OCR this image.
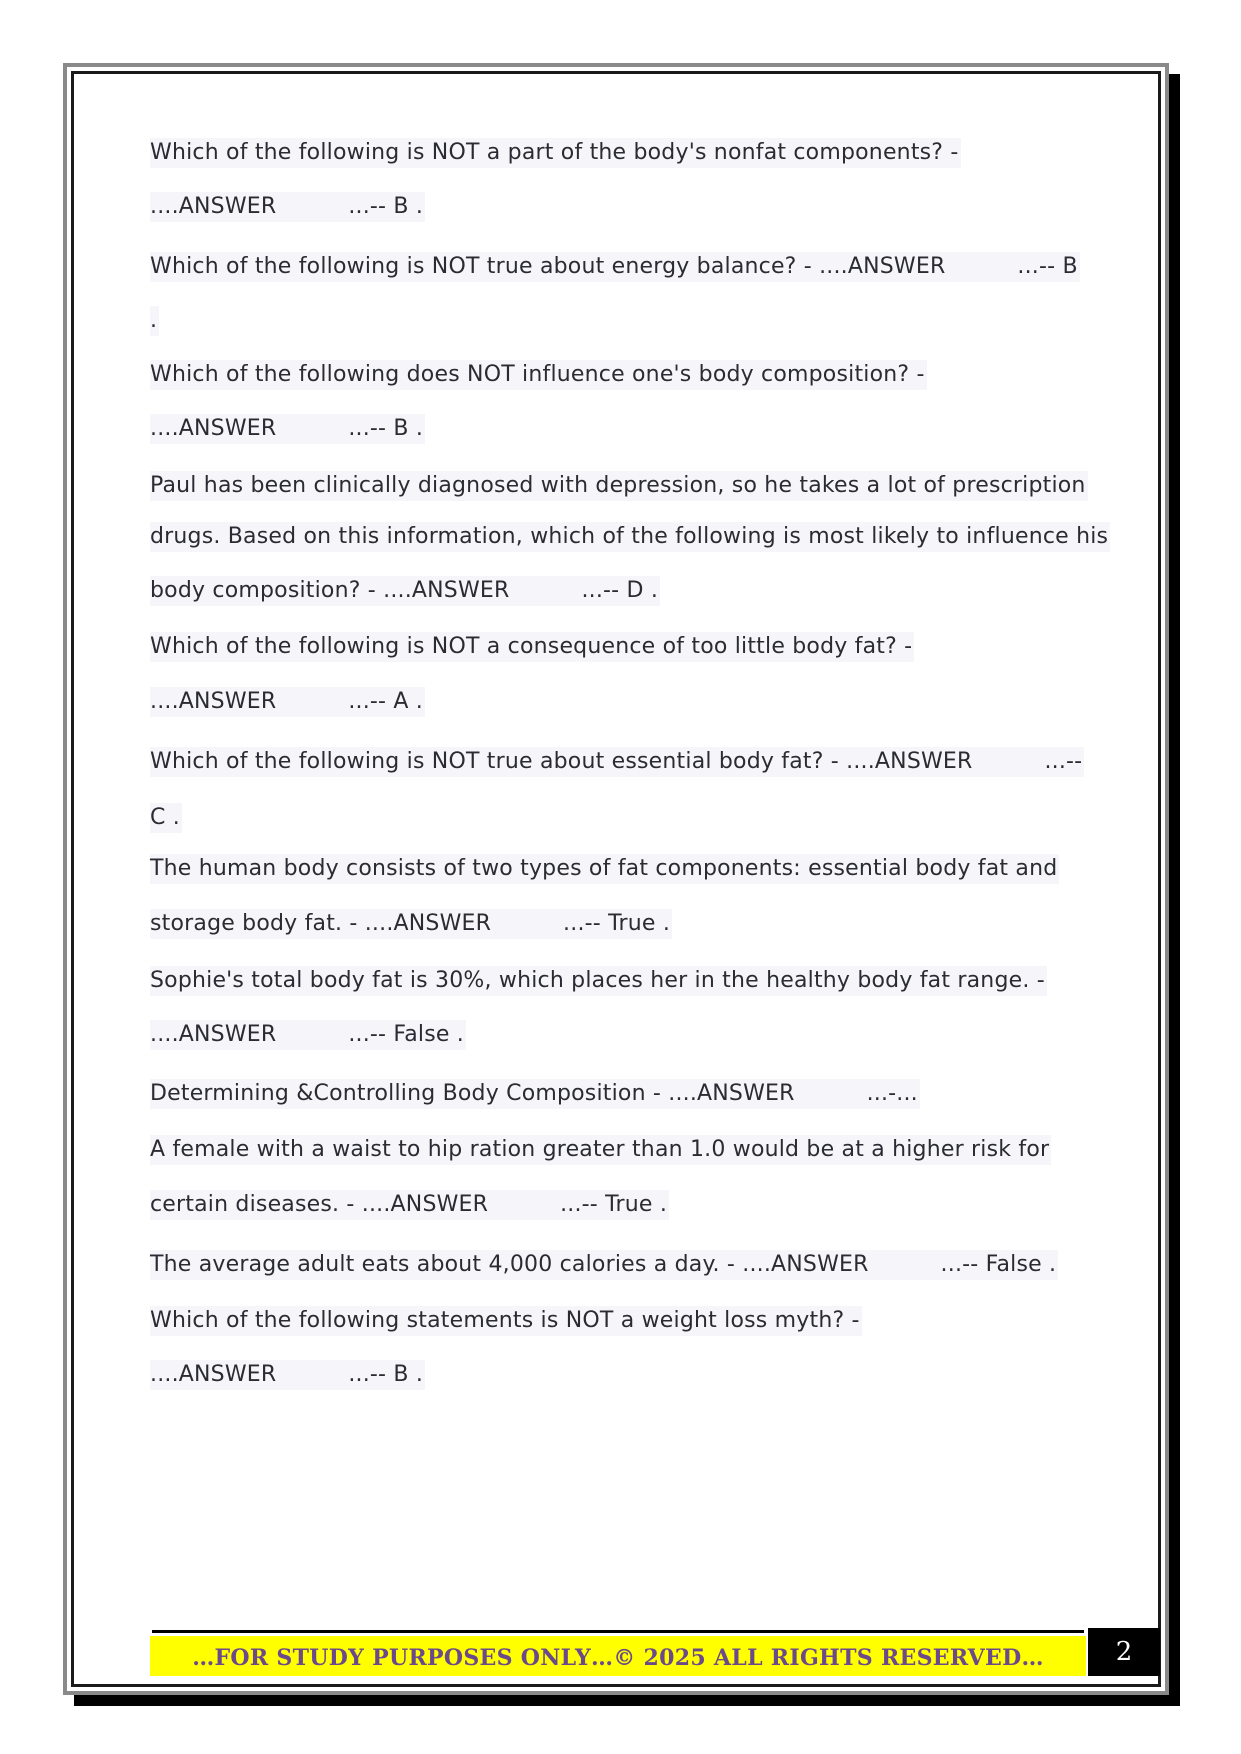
Which of the following is NOT a part of the body's nonfat components? -
....ANSWER          ...-- B .
Which of the following is NOT true about energy balance? - ....ANSWER          ...-- B
.
Which of the following does NOT influence one's body composition? -
....ANSWER          ...-- B .
Paul has been clinically diagnosed with depression, so he takes a lot of prescription
drugs. Based on this information, which of the following is most likely to influence his
body composition? - ....ANSWER          ...-- D .
Which of the following is NOT a consequence of too little body fat? -
....ANSWER          ...-- A .
Which of the following is NOT true about essential body fat? - ....ANSWER          ...--
C .
The human body consists of two types of fat components: essential body fat and
storage body fat. - ....ANSWER          ...-- True .
Sophie's total body fat is 30%, which places her in the healthy body fat range. -
....ANSWER          ...-- False .
Determining &Controlling Body Composition - ....ANSWER          ...-...
A female with a waist to hip ration greater than 1.0 would be at a higher risk for
certain diseases. - ....ANSWER          ...-- True .
The average adult eats about 4,000 calories a day. - ....ANSWER          ...-- False .
Which of the following statements is NOT a weight loss myth? -
....ANSWER          ...-- B .
…FOR STUDY PURPOSES ONLY…© 2025 ALL RIGHTS RESERVED…	2
